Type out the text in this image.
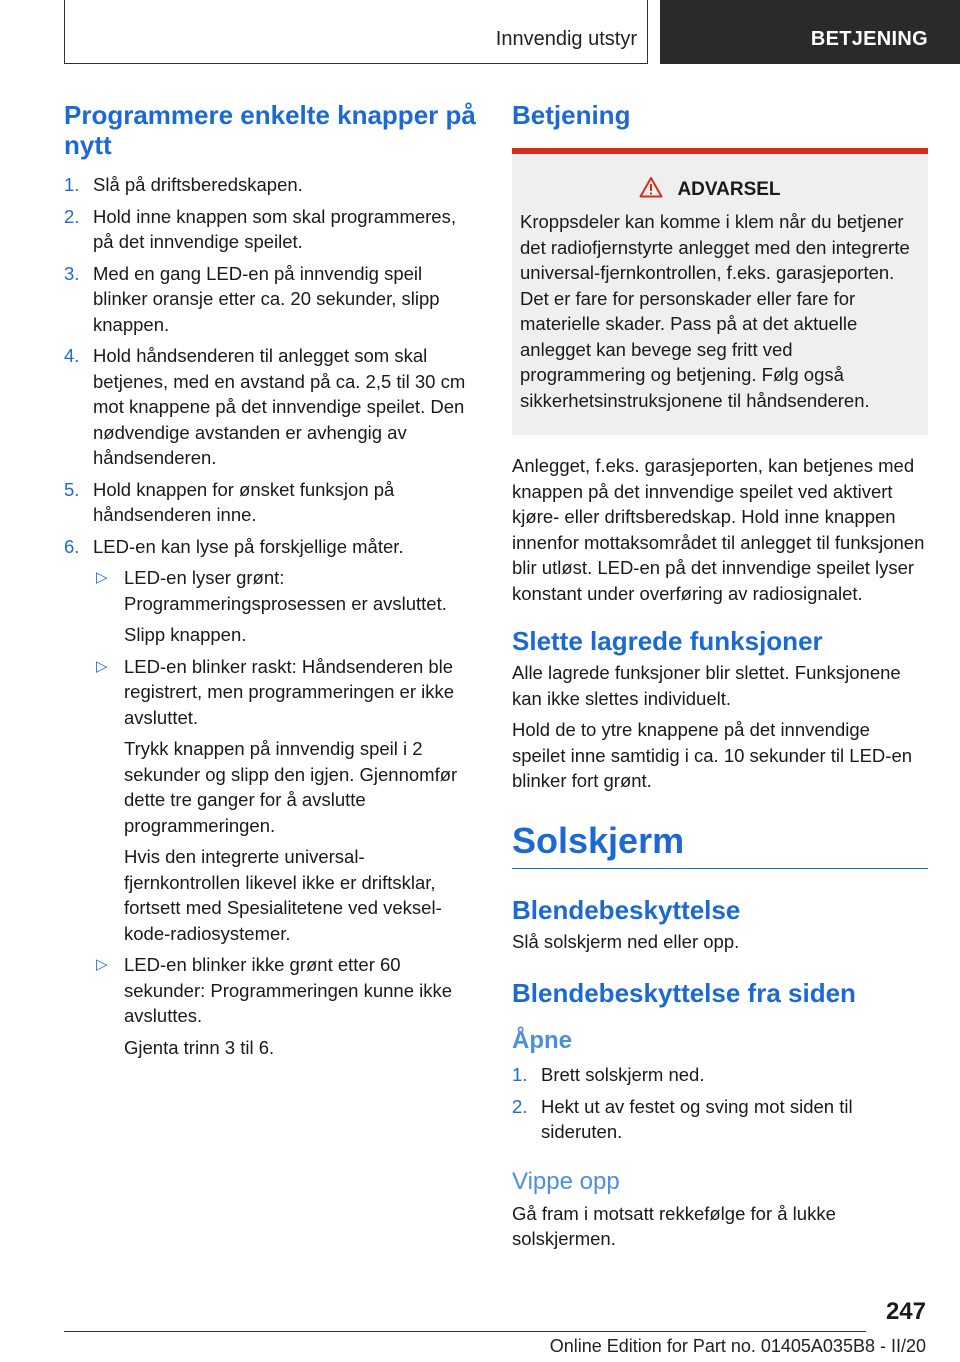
Innvendig utstyr	BETJENING
Programmere enkelte knapper på nytt
1. Slå på driftsberedskapen.
2. Hold inne knappen som skal programmeres, på det innvendige speilet.
3. Med en gang LED-en på innvendig speil blinker oransje etter ca. 20 sekunder, slipp knappen.
4. Hold håndsenderen til anlegget som skal betjenes, med en avstand på ca. 2,5 til 30 cm mot knappene på det innvendige speilet. Den nødvendige avstanden er avhengig av håndsenderen.
5. Hold knappen for ønsket funksjon på håndsenderen inne.
6. LED-en kan lyse på forskjellige måter.
▷ LED-en lyser grønt: Programmeringsprosessen er avsluttet.

Slipp knappen.

▷ LED-en blinker raskt: Håndsenderen ble registrert, men programmeringen er ikke avsluttet.

Trykk knappen på innvendig speil i 2 sekunder og slipp den igjen. Gjennomfør dette tre ganger for å avslutte programmeringen.

Hvis den integrerte universal-fjernkontrollen likevel ikke er driftsklar, fortsett med Spesialitetene ved veksel-kode-radiosystemer.

▷ LED-en blinker ikke grønt etter 60 sekunder: Programmeringen kunne ikke avsluttes.

Gjenta trinn 3 til 6.

Betjening
ADVARSEL

Kroppsdeler kan komme i klem når du betjener det radiofjernstyrte anlegget med den integrerte universal-fjernkontrollen, f.eks. garasjeporten. Det er fare for personskader eller fare for materielle skader. Pass på at det aktuelle anlegget kan bevege seg fritt ved programmering og betjening. Følg også sikkerhetsinstruksjonene til håndsenderen.

Anlegget, f.eks. garasjeporten, kan betjenes med knappen på det innvendige speilet ved aktivert kjøre- eller driftsberedskap. Hold inne knappen innenfor mottaksområdet til anlegget til funksjonen blir utløst. LED-en på det innvendige speilet lyser konstant under overføring av radiosignalet.

Slette lagrede funksjoner

Alle lagrede funksjoner blir slettet. Funksjonene kan ikke slettes individuelt.

Hold de to ytre knappene på det innvendige speilet inne samtidig i ca. 10 sekunder til LED-en blinker fort grønt.

Solskjerm
Blendebeskyttelse

Slå solskjerm ned eller opp.

Blendebeskyttelse fra siden
Åpne
1. Brett solskjerm ned.
2. Hekt ut av festet og sving mot siden til sideruten.
Vippe opp

Gå fram i motsatt rekkefølge for å lukke solskjermen.

247
Online Edition for Part no. 01405A035B8 - II/20
